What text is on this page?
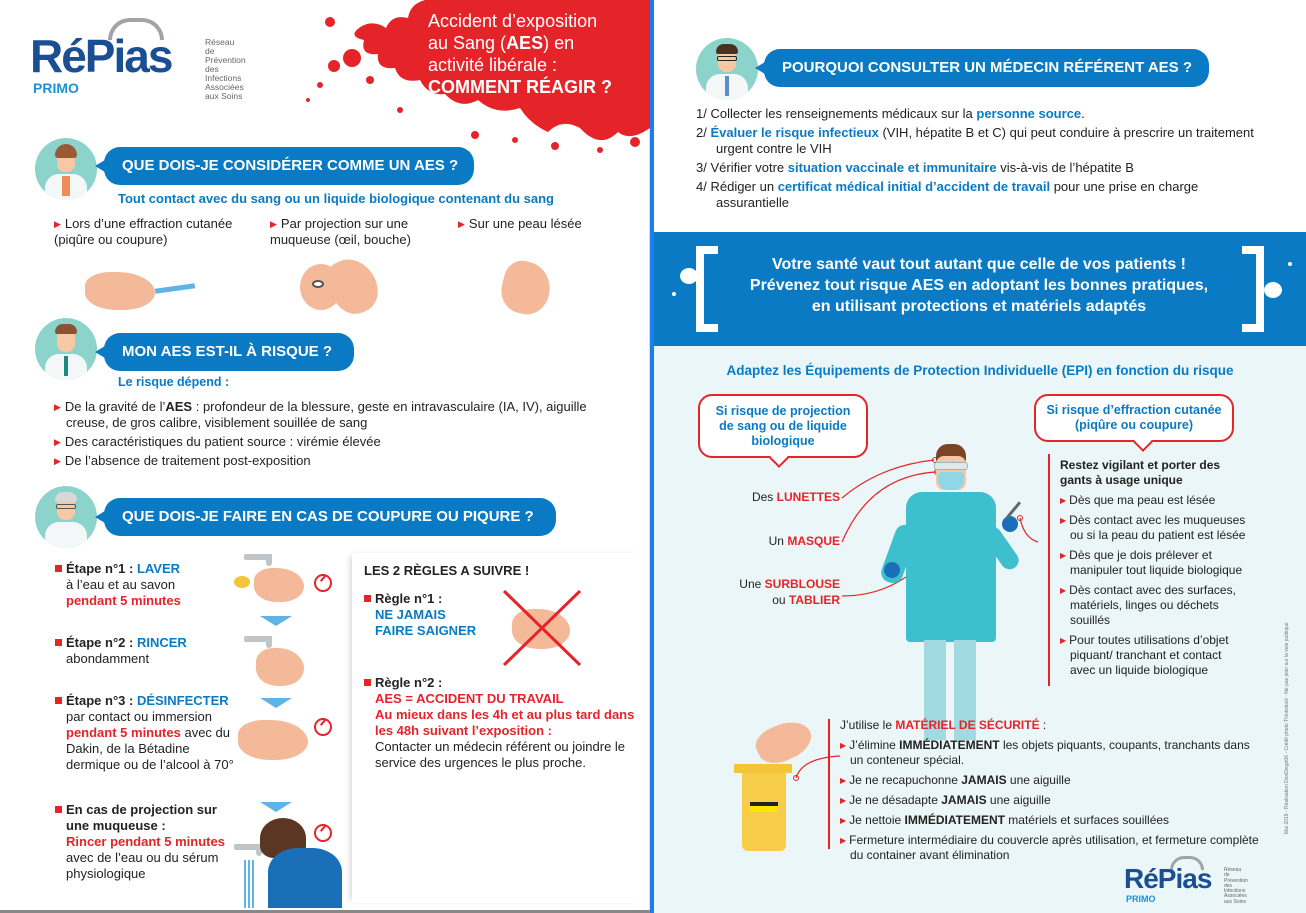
RéPias
PRIMO
Réseau
de Prévention
des Infections
Associées aux Soins
Accident d’exposition
au Sang (AES) en
activité libérale :
COMMENT RÉAGIR ?
QUE DOIS-JE CONSIDÉRER COMME UN AES ?
Tout contact avec du sang ou un liquide biologique contenant du sang
▶ Lors d’une effraction cutanée (piqûre ou coupure)
▶ Par projection sur une muqueuse (œil, bouche)
▶ Sur une peau lésée
MON AES EST-IL À RISQUE ?
Le risque dépend :
▶ De la gravité de l’AES : profondeur de la blessure, geste en intravasculaire (IA, IV), aiguille creuse, de gros calibre, visiblement souillée de sang
▶ Des caractéristiques du patient source : virémie élevée
▶ De l’absence de traitement post-exposition
QUE DOIS-JE FAIRE EN CAS DE COUPURE OU PIQURE ?
Étape n°1 : LAVER
à l’eau et au savon
pendant 5 minutes
Étape n°2 : RINCER
abondamment
Étape n°3 : DÉSINFECTER
par contact ou immersion
pendant 5 minutes avec du Dakin, de la Bétadine dermique ou de l’alcool à 70°
En cas de projection sur une muqueuse :
Rincer pendant 5 minutes avec de l’eau ou du sérum physiologique
LES 2 RÈGLES A SUIVRE !
Règle n°1 :
NE JAMAIS
FAIRE SAIGNER
Règle n°2 :
AES = ACCIDENT DU TRAVAIL
Au mieux dans les 4h et au plus tard dans les 48h suivant l’exposition :
Contacter un médecin référent ou joindre le service des urgences le plus proche.
POURQUOI CONSULTER UN MÉDECIN RÉFÉRENT AES ?
1/ Collecter les renseignements médicaux sur la personne source.
2/ Évaluer le risque infectieux (VIH, hépatite B et C) qui peut conduire à prescrire un traitement urgent contre le VIH
3/ Vérifier votre situation vaccinale et immunitaire vis-à-vis de l’hépatite B
4/ Rédiger un certificat médical initial d’accident de travail pour une prise en charge assurantielle
Votre santé vaut tout autant que celle de vos patients !
Prévenez tout risque AES en adoptant les bonnes pratiques,
en utilisant protections et matériels adaptés
Adaptez les Équipements de Protection Individuelle (EPI) en fonction du risque
Si risque de projection de sang ou de liquide biologique
Des LUNETTES
Un MASQUE
Une SURBLOUSE
ou TABLIER
Si risque d’effraction cutanée (piqûre ou coupure)
Restez vigilant et porter des gants à usage unique
▶ Dès que ma peau est lésée
▶ Dès contact avec les muqueuses ou si la peau du patient est lésée
▶ Dès que je dois prélever et manipuler tout liquide biologique
▶ Dès contact avec des surfaces, matériels, linges ou déchets souillés
▶ Pour toutes utilisations d’objet piquant/ tranchant et contact avec un liquide biologique
J’utilise le MATÉRIEL DE SÉCURITÉ :
▶ J’élimine IMMÉDIATEMENT les objets piquants, coupants, tranchants dans un conteneur spécial.
▶ Je ne recapuchonne JAMAIS une aiguille
▶ Je ne désadapte JAMAIS une aiguille
▶ Je nettoie IMMÉDIATEMENT matériels et surfaces souillées
▶ Fermeture intermédiaire du couvercle après utilisation, et fermeture complète du container avant élimination
RéPias
PRIMO
Réseau
de Prévention
des Infections
Associées aux Soins
Mai 2019 - Réalisation DonDiego06 - Crédit photo Thinkstock - Ne pas jeter sur la voie publique
